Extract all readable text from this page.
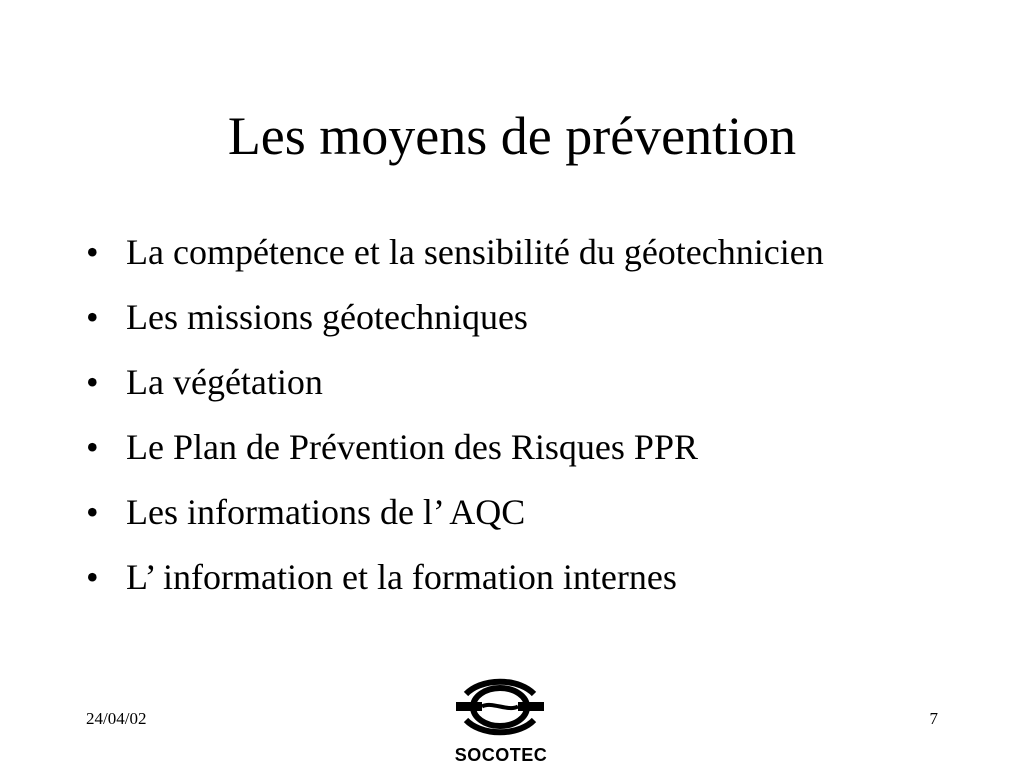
Les moyens de prévention
• La compétence et la sensibilité du géotechnicien
• Les missions géotechniques
• La végétation
• Le Plan de Prévention des Risques PPR
• Les informations de l’ AQC
• L’ information et la formation internes
24/04/02
SOCOTEC
7
